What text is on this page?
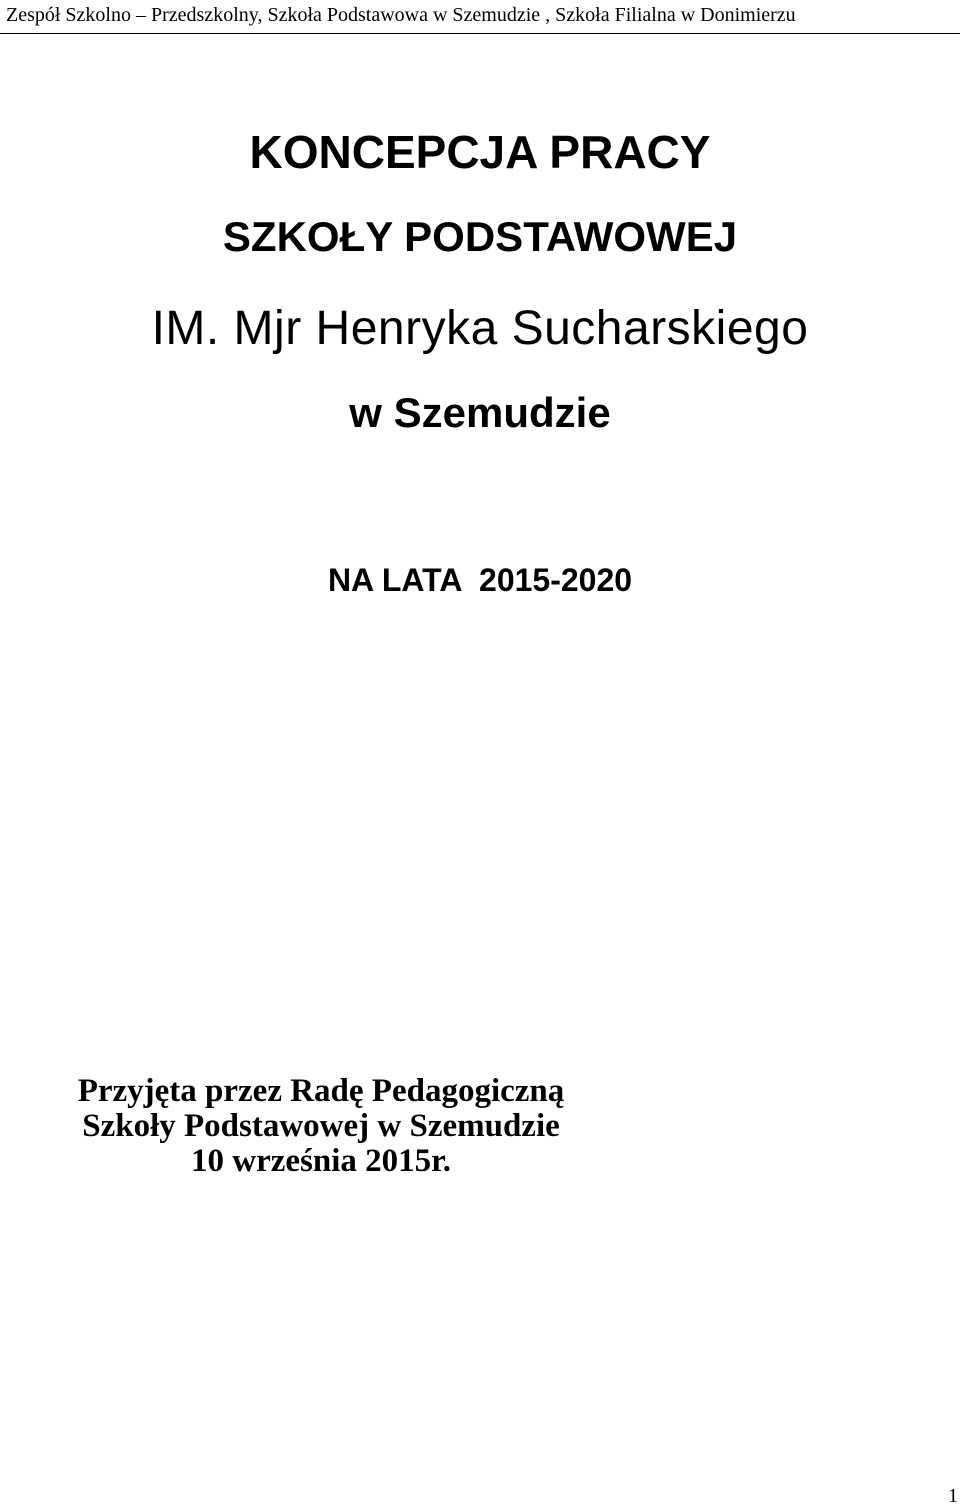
Zespół Szkolno – Przedszkolny, Szkoła Podstawowa w Szemudzie , Szkoła Filialna w Donimierzu
KONCEPCJA PRACY
SZKOŁY PODSTAWOWEJ
IM. Mjr Henryka Sucharskiego
w Szemudzie
NA LATA  2015-2020
Przyjęta przez Radę Pedagogiczną
Szkoły Podstawowej w Szemudzie
10 września 2015r.
1
